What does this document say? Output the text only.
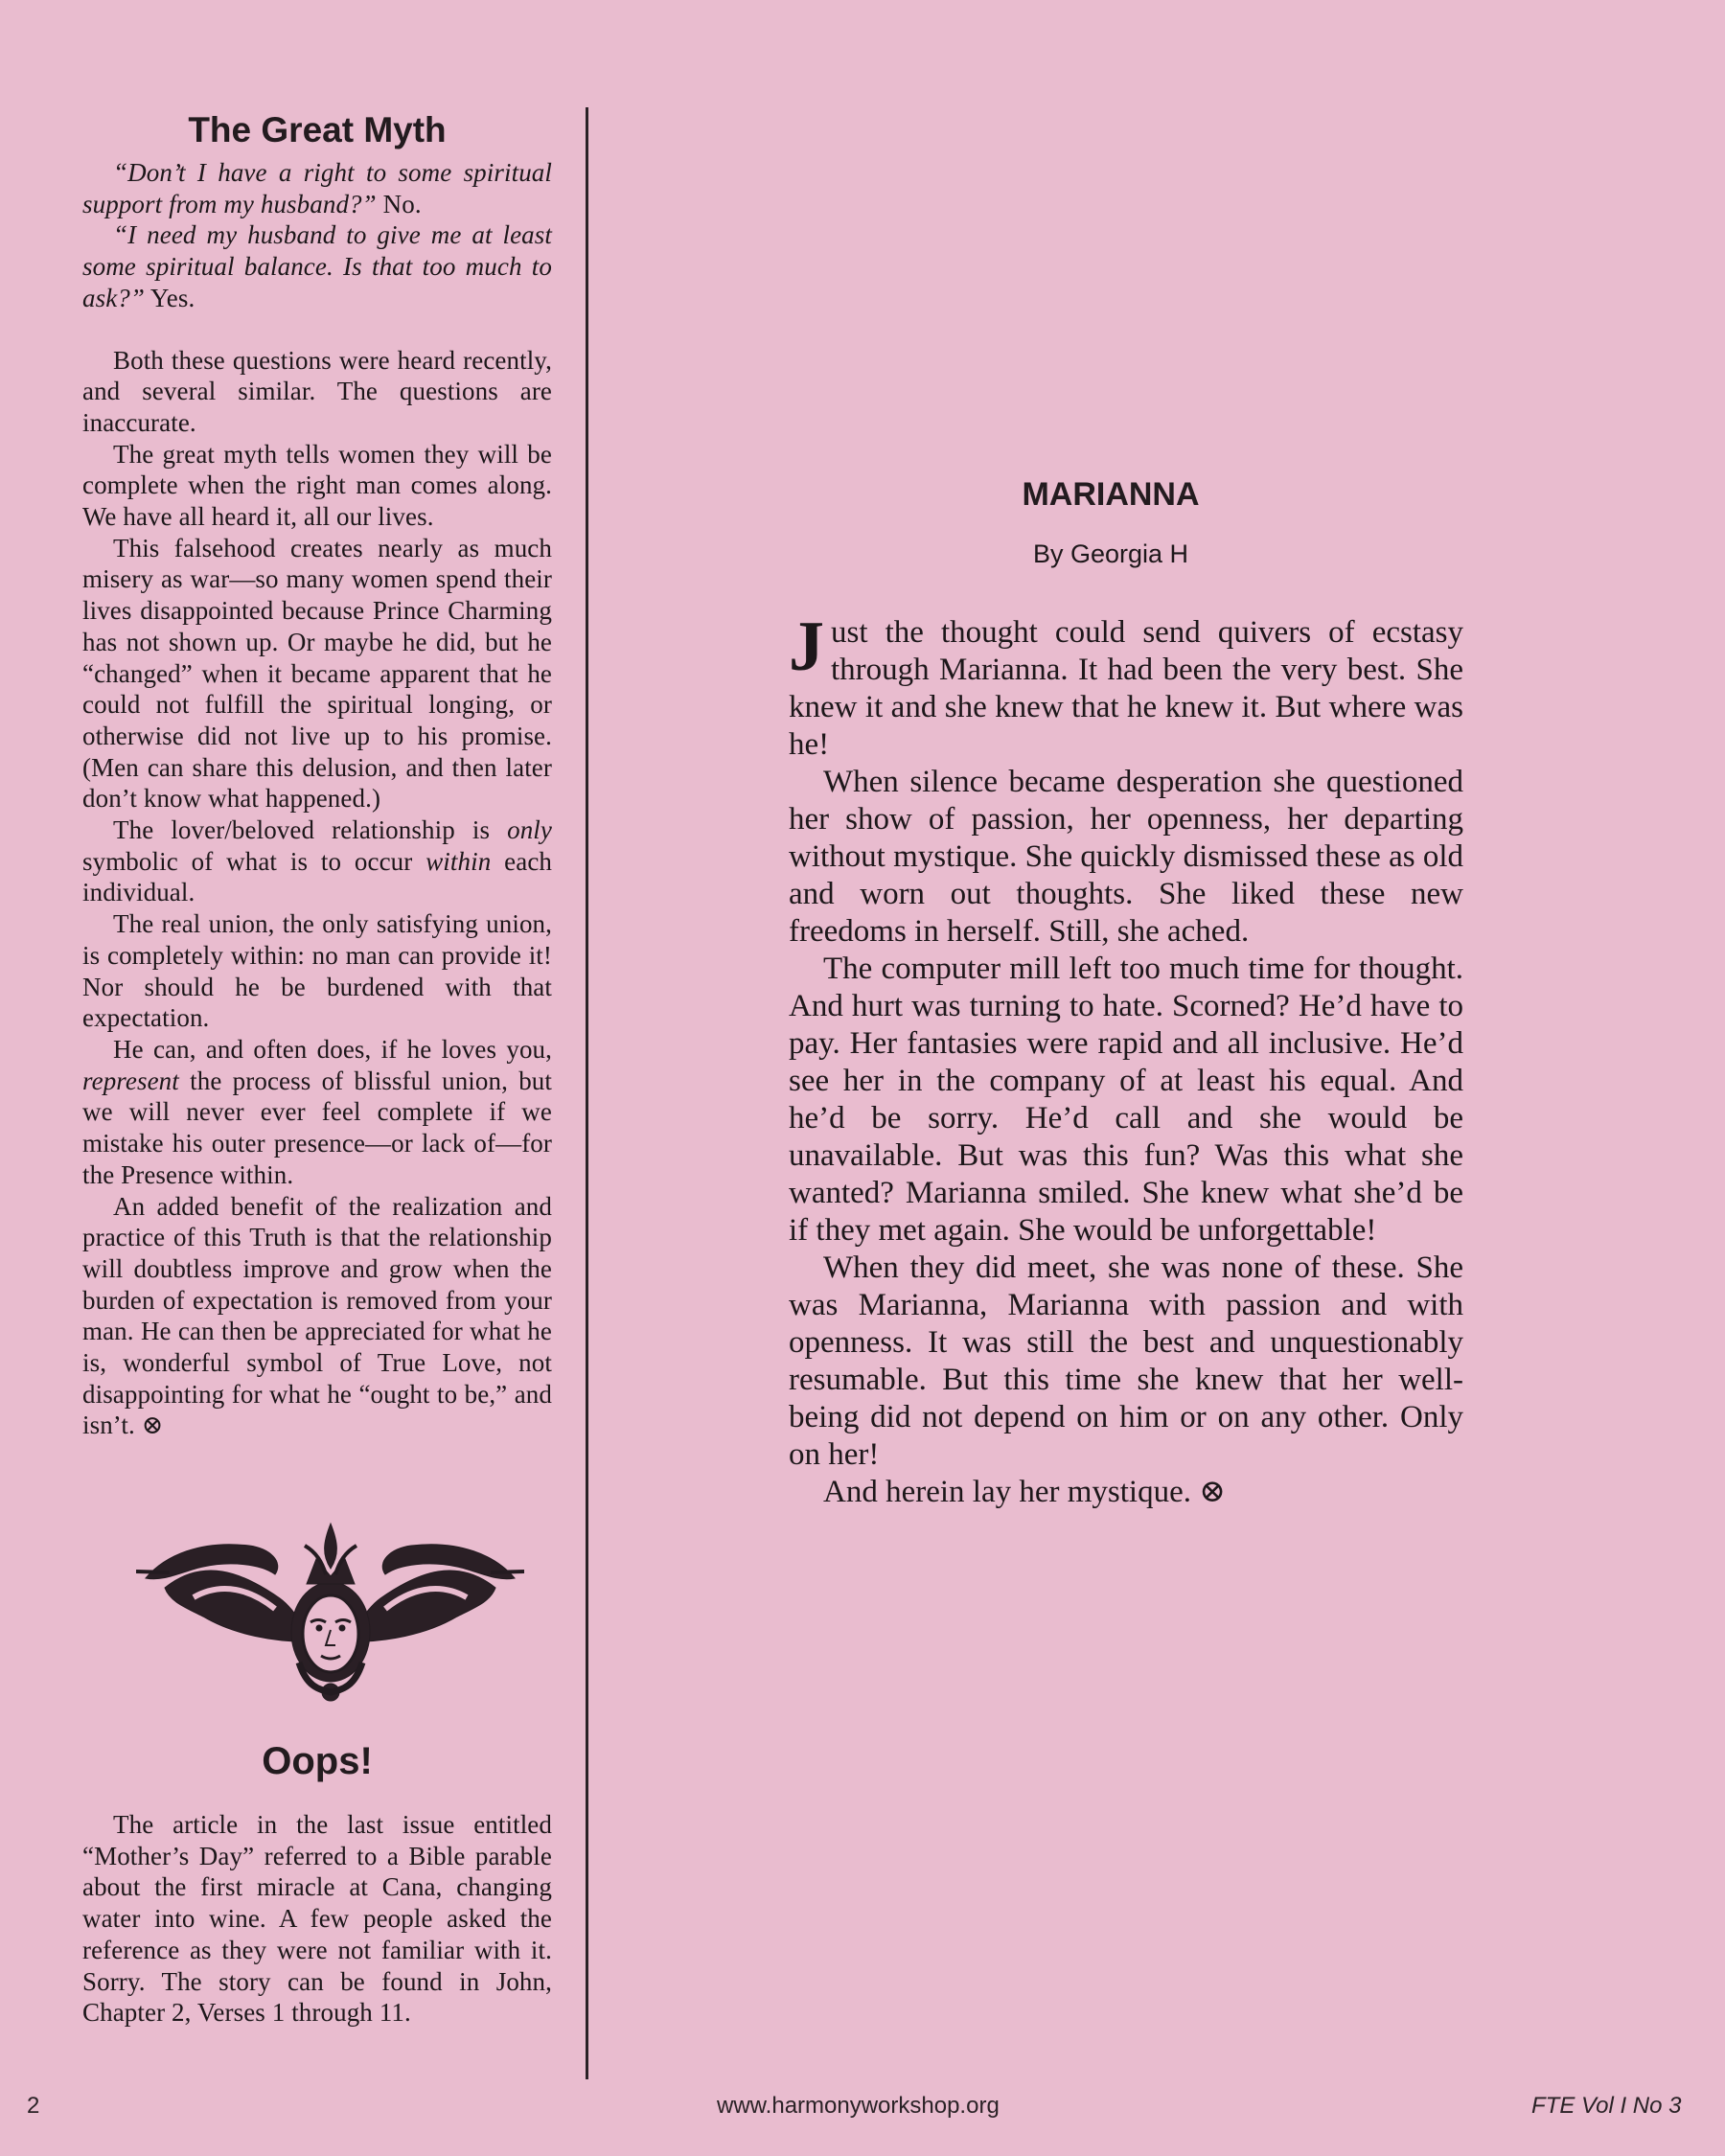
The Great Myth

“Don’t I have a right to some spiritual support from my husband?” No.

“I need my husband to give me at least some spiritual balance. Is that too much to ask?” Yes.

Both these questions were heard recently, and several similar. The questions are inaccurate.

The great myth tells women they will be complete when the right man comes along. We have all heard it, all our lives.

This falsehood creates nearly as much misery as war—so many women spend their lives disappointed because Prince Charming has not shown up. Or maybe he did, but he “changed” when it became apparent that he could not fulfill the spiritual longing, or otherwise did not live up to his promise. (Men can share this delusion, and then later don’t know what happened.)

The lover/beloved relationship is only symbolic of what is to occur within each individual.

The real union, the only satisfying union, is completely within: no man can provide it! Nor should he be burdened with that expectation.

He can, and often does, if he loves you, represent the process of blissful union, but we will never ever feel complete if we mistake his outer presence—or lack of—for the Presence within.

An added benefit of the realization and practice of this Truth is that the relationship will doubtless improve and grow when the burden of expectation is removed from your man. He can then be appreciated for what he is, wonderful symbol of True Love, not disappointing for what he “ought to be,” and isn’t. ⊗

Oops!

The article in the last issue entitled “Mother’s Day” referred to a Bible parable about the first miracle at Cana, changing water into wine. A few people asked the reference as they were not familiar with it. Sorry. The story can be found in John, Chapter 2, Verses 1 through 11.

MARIANNA
By Georgia H

Just the thought could send quivers of ecstasy through Marianna. It had been the very best. She knew it and she knew that he knew it. But where was he!

When silence became desperation she questioned her show of passion, her openness, her departing without mystique. She quickly dismissed these as old and worn out thoughts. She liked these new freedoms in herself. Still, she ached.

The computer mill left too much time for thought. And hurt was turning to hate. Scorned? He’d have to pay. Her fantasies were rapid and all inclusive. He’d see her in the company of at least his equal. And he’d be sorry. He’d call and she would be unavailable. But was this fun? Was this what she wanted? Marianna smiled. She knew what she’d be if they met again. She would be unforgettable!

When they did meet, she was none of these. She was Marianna, Marianna with passion and with openness. It was still the best and unquestionably resumable. But this time she knew that her well-being did not depend on him or on any other. Only on her!

And herein lay her mystique. ⊗

2	www.harmonyworkshop.org	FTE Vol I No 3
